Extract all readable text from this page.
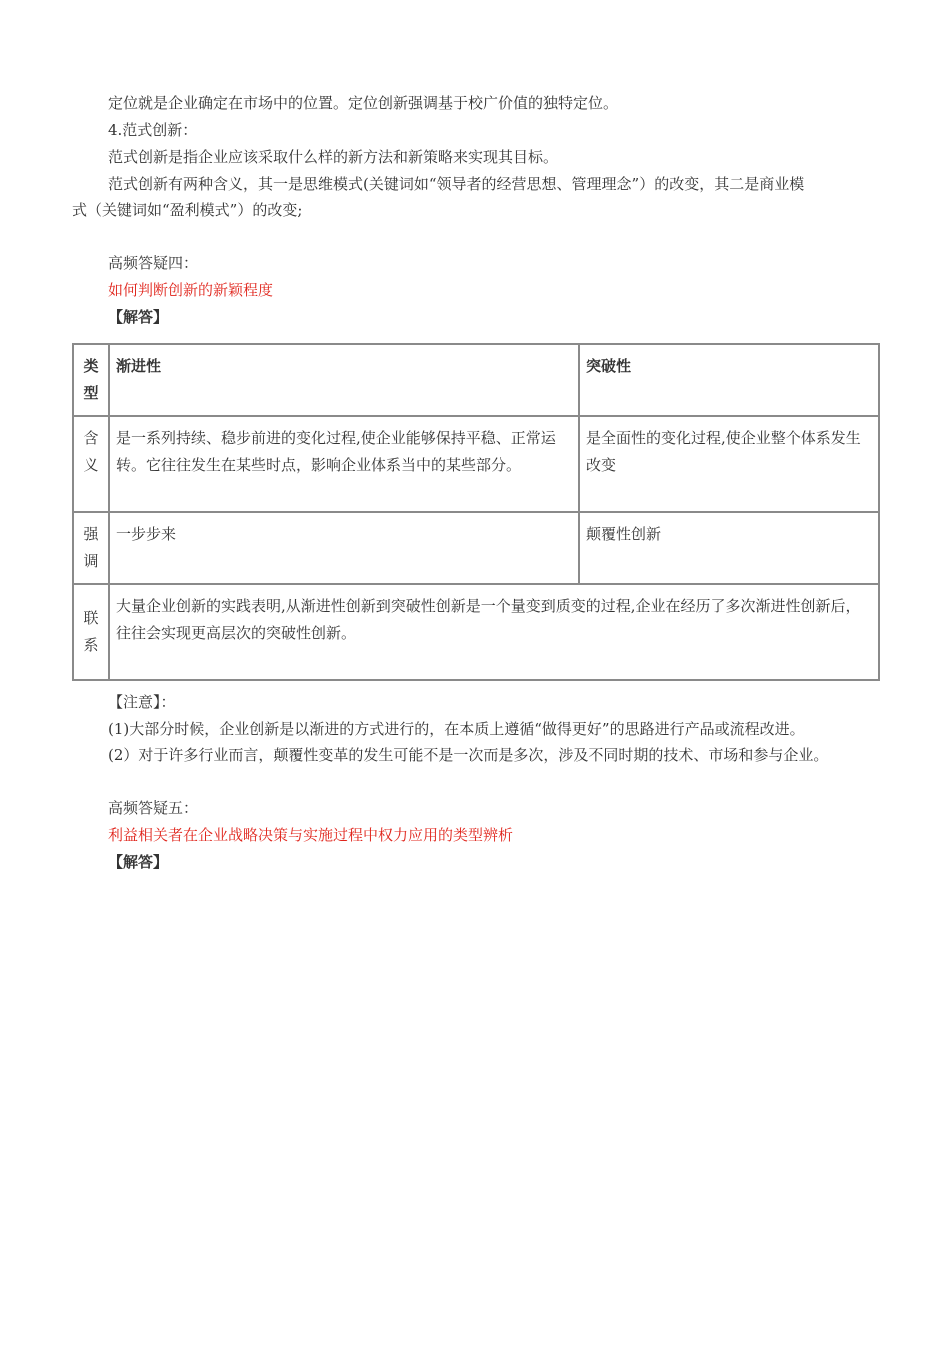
定位就是企业确定在市场中的位置。定位创新强调基于校广价值的独特定位。
4.范式创新：
范式创新是指企业应该采取什么样的新方法和新策略来实现其目标。
范式创新有两种含义，其一是思维模式(关键词如“领导者的经营思想、管理理念”）的改变，其二是商业模
式（关键词如“盈利模式”）的改变;
高频答疑四：
如何判断创新的新颖程度
【解答】
类型	渐进性	突破性
含义	是一系列持续、稳步前进的变化过程,使企业能够保持平稳、正常运转。它往往发生在某些时点，影响企业体系当中的某些部分。	是全面性的变化过程,使企业整个体系发生改变
强调	一步步来	颠覆性创新
联系	大量企业创新的实践表明,从渐进性创新到突破性创新是一个量变到质变的过程,企业在经历了多次渐进性创新后，往往会实现更高层次的突破性创新。	
【注意】：
(1)大部分时候，企业创新是以渐进的方式进行的，在本质上遵循“做得更好”的思路进行产品或流程改进。
(2）对于许多行业而言，颠覆性变革的发生可能不是一次而是多次，涉及不同时期的技术、市场和参与企业。
高频答疑五：
利益相关者在企业战略决策与实施过程中权力应用的类型辨析
【解答】
